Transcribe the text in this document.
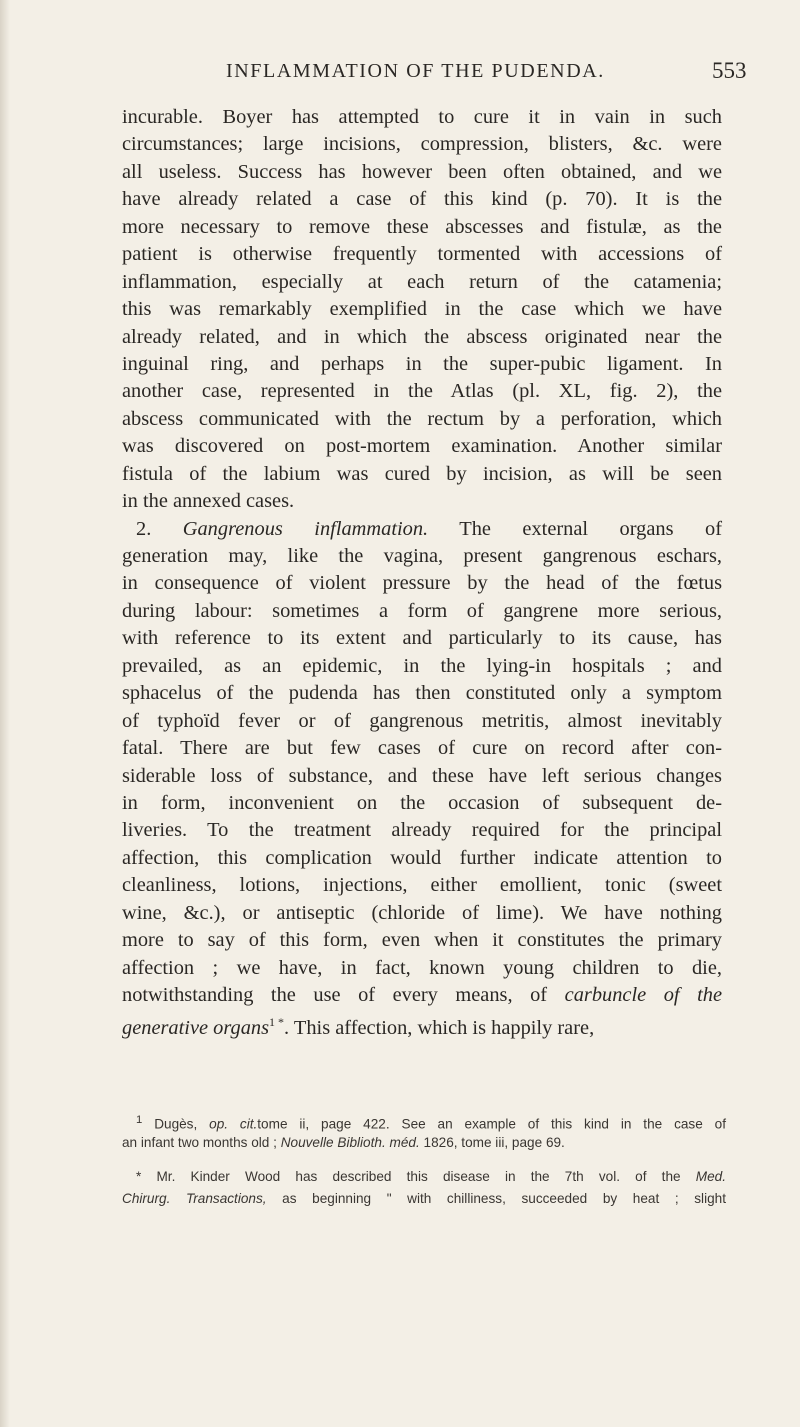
INFLAMMATION OF THE PUDENDA.	553
incurable. Boyer has attempted to cure it in vain in such
circumstances; large incisions, compression, blisters, &c. were
all useless. Success has however been often obtained, and we
have already related a case of this kind (p. 70). It is the
more necessary to remove these abscesses and fistulæ, as the
patient is otherwise frequently tormented with accessions of
inflammation, especially at each return of the catamenia;
this was remarkably exemplified in the case which we have
already related, and in which the abscess originated near the
inguinal ring, and perhaps in the super-pubic ligament. In
another case, represented in the Atlas (pl. XL, fig. 2), the
abscess communicated with the rectum by a perforation, which
was discovered on post-mortem examination. Another similar
fistula of the labium was cured by incision, as will be seen
in the annexed cases.
2. Gangrenous inflammation. The external organs of
generation may, like the vagina, present gangrenous eschars,
in consequence of violent pressure by the head of the fœtus
during labour: sometimes a form of gangrene more serious,
with reference to its extent and particularly to its cause, has
prevailed, as an epidemic, in the lying-in hospitals ; and
sphacelus of the pudenda has then constituted only a symptom
of typhoïd fever or of gangrenous metritis, almost inevitably
fatal. There are but few cases of cure on record after con-
siderable loss of substance, and these have left serious changes
in form, inconvenient on the occasion of subsequent de-
liveries. To the treatment already required for the principal
affection, this complication would further indicate attention to
cleanliness, lotions, injections, either emollient, tonic (sweet
wine, &c.), or antiseptic (chloride of lime). We have nothing
more to say of this form, even when it constitutes the primary
affection ; we have, in fact, known young children to die,
notwithstanding the use of every means, of carbuncle of the
generative organs$^{1 *}$. This affection, which is happily rare,
$^1$ Dugès, op. cit.tome ii, page 422. See an example of this kind in the case of
an infant two months old ; Nouvelle Biblioth. méd. 1826, tome iii, page 69.
* Mr. Kinder Wood has described this disease in the 7th vol. of the Med.
Chirurg. Transactions, as beginning " with chilliness, succeeded by heat ; slight
